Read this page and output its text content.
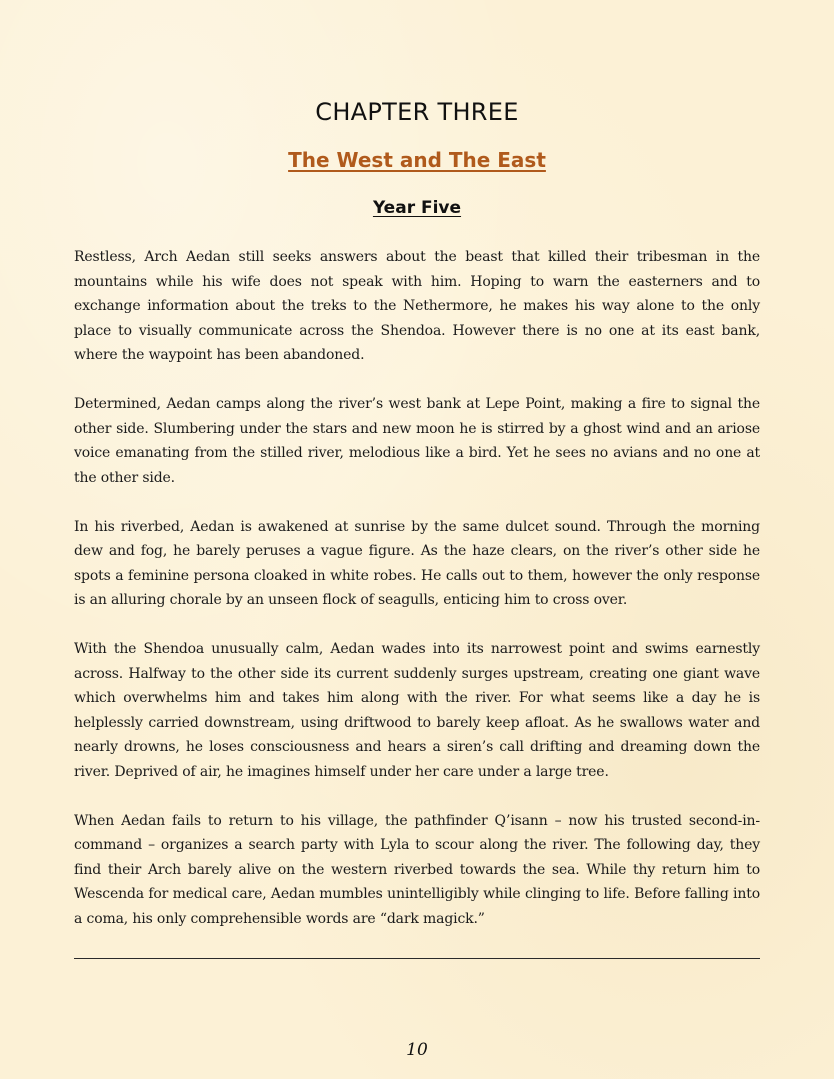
CHAPTER THREE
The West and The East
Year Five

Restless, Arch Aedan still seeks answers about the beast that killed their tribesman in the mountains while his wife does not speak with him. Hoping to warn the easterners and to exchange information about the treks to the Nethermore, he makes his way alone to the only place to visually communicate across the Shendoa. However there is no one at its east bank, where the waypoint has been abandoned.

Determined, Aedan camps along the river’s west bank at Lepe Point, making a fire to signal the other side. Slumbering under the stars and new moon he is stirred by a ghost wind and an ariose voice emanating from the stilled river, melodious like a bird. Yet he sees no avians and no one at the other side.

In his riverbed, Aedan is awakened at sunrise by the same dulcet sound. Through the morning dew and fog, he barely peruses a vague figure. As the haze clears, on the river’s other side he spots a feminine persona cloaked in white robes. He calls out to them, however the only response is an alluring chorale by an unseen flock of seagulls, enticing him to cross over.

With the Shendoa unusually calm, Aedan wades into its narrowest point and swims earnestly across. Halfway to the other side its current suddenly surges upstream, creating one giant wave which overwhelms him and takes him along with the river. For what seems like a day he is helplessly carried downstream, using driftwood to barely keep afloat. As he swallows water and nearly drowns, he loses consciousness and hears a siren’s call drifting and dreaming down the river. Deprived of air, he imagines himself under her care under a large tree.

When Aedan fails to return to his village, the pathfinder Q’isann – now his trusted second-in-command – organizes a search party with Lyla to scour along the river. The following day, they find their Arch barely alive on the western riverbed towards the sea. While thy return him to Wescenda for medical care, Aedan mumbles unintelligibly while clinging to life. Before falling into a coma, his only comprehensible words are “dark magick.”

10
